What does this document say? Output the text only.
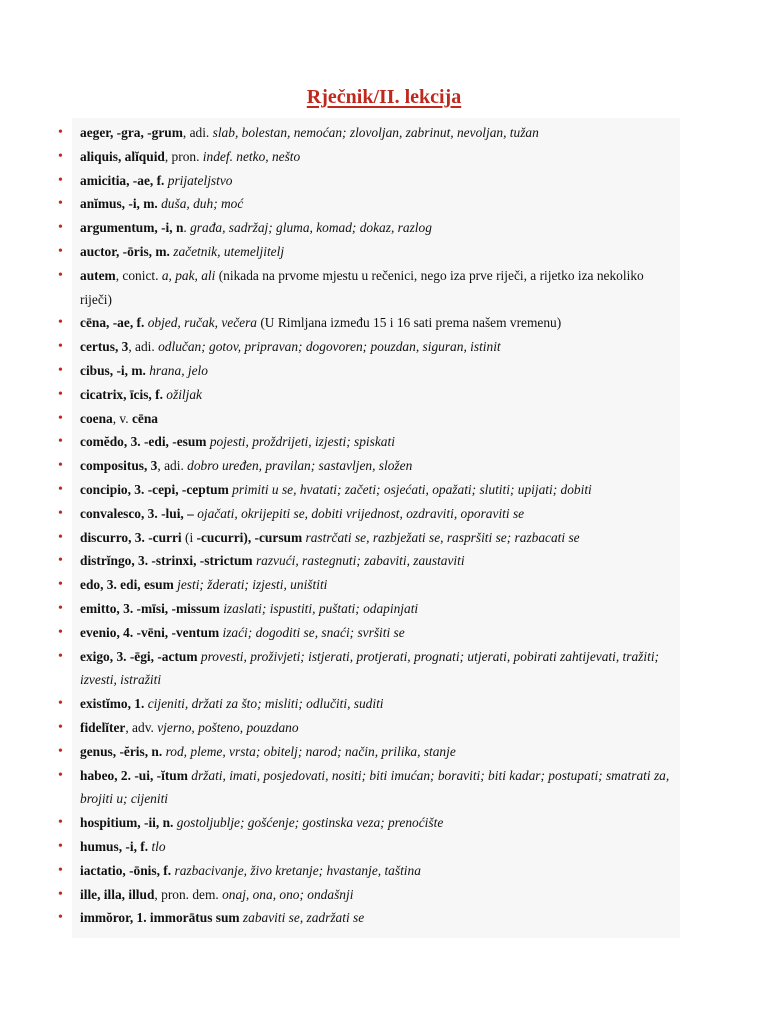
Rječnik/II. lekcija
• aeger, -gra, -grum, adi. slab, bolestan, nemoćan; zlovoljan, zabrinut, nevoljan, tužan
• aliquis, alĭquid, pron. indef. netko, nešto
• amicitia, -ae, f. prijateljstvo
• anĭmus, -i, m. duša, duh; moć
• argumentum, -i, n. građa, sadržaj; gluma, komad; dokaz, razlog
• auctor, -ōris, m. začetnik, utemeljitelj
• autem, conict. a, pak, ali (nikada na prvome mjestu u rečenici, nego iza prve riječi, a rijetko iza nekoliko riječi)
• cēna, -ae, f. objed, ručak, večera (U Rimljana između 15 i 16 sati prema našem vremenu)
• certus, 3, adi. odlučan; gotov, pripravan; dogovoren; pouzdan, siguran, istinit
• cibus, -i, m. hrana, jelo
• cicatrix, īcis, f. ožiljak
• coena, v. cēna
• comĕdo, 3. -edi, -esum pojesti, proždrijeti, izjesti; spiskati
• compositus, 3, adi. dobro uređen, pravilan; sastavljen, složen
• concipio, 3. -cepi, -ceptum primiti u se, hvatati; začeti; osjećati, opažati; slutiti; upijati; dobiti
• convalesco, 3. -lui, – ojačati, okrijepiti se, dobiti vrijednost, ozdraviti, oporaviti se
• discurro, 3. -curri (i -cucurri), -cursum rastrčati se, razbježati se, raspršiti se; razbacati se
• distrĭngo, 3. -strinxi, -strictum razvući, rastegnuti; zabaviti, zaustaviti
• edo, 3. edi, esum jesti; žderati; izjesti, uništiti
• emitto, 3. -mīsi, -missum izaslati; ispustiti, puštati; odapinjati
• evenio, 4. -vēni, -ventum izaći; dogoditi se, snaći; svršiti se
• exigo, 3. -ēgi, -actum provesti, proživjeti; istjerati, protjerati, prognati; utjerati, pobirati zahtijevati, tražiti; izvesti, istražiti
• existĭmo, 1. cijeniti, držati za što; misliti; odlučiti, suditi
• fidelĭter, adv. vjerno, pošteno, pouzdano
• genus, -ĕris, n. rod, pleme, vrsta; obitelj; narod; način, prilika, stanje
• habeo, 2. -ui, -ĭtum držati, imati, posjedovati, nositi; biti imućan; boraviti; biti kadar; postupati; smatrati za, brojiti u; cijeniti
• hospitium, -ii, n. gostoljublje; gošćenje; gostinska veza; prenoćište
• humus, -i, f. tlo
• iactatio, -ōnis, f. razbacivanje, živo kretanje; hvastanje, taština
• ille, illa, illud, pron. dem. onaj, ona, ono; ondašnji
• immŏror, 1. immorātus sum zabaviti se, zadržati se
